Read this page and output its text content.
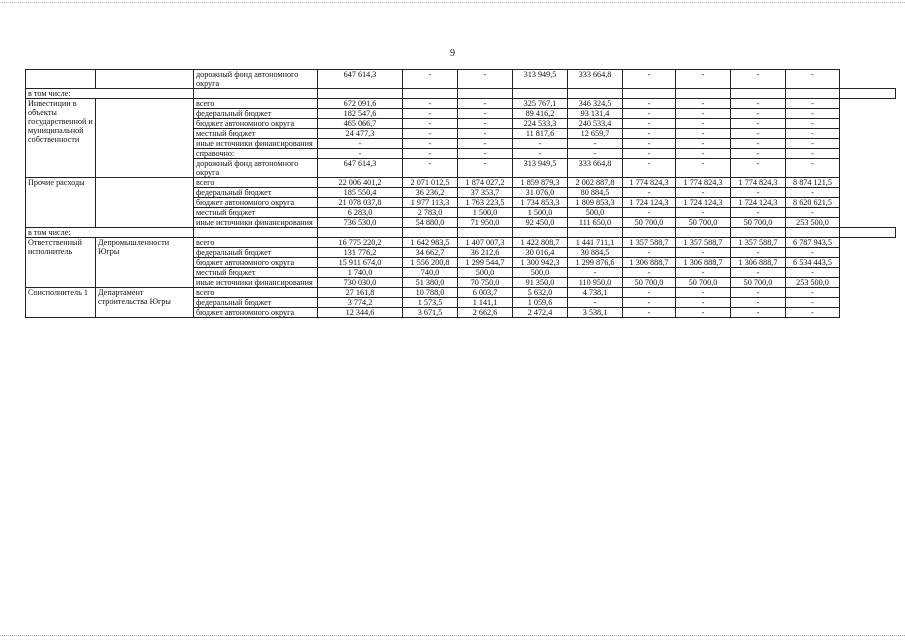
9
		дорожный фонд автономного округа	647 614,3	-	-	313 949,5	333 664,8	-	-	-	-	
в том числе:												
Инвестиции в объекты государственной и муниципальной собственности		всего	672 091,6	-	-	325 767,1	346 324,5	-	-	-	-	
		федеральный бюджет	182 547,6	-	-	89 416,2	93 131,4	-	-	-	-	
		бюджет автономного округа	465 066,7	-	-	224 533,3	240 533,4	-	-	-	-	
		местный бюджет	24 477,3	-	-	11 817,6	12 659,7	-	-	-	-	
		иные источники финансирования	-	-	-	-	-	-	-	-	-	
		справочно:	-	-	-	-	-	-	-	-	-	
		дорожный фонд автономного округа	647 614,3	-	-	313 949,5	333 664,8	-	-	-	-	
Прочие расходы		всего	22 006 401,2	2 071 012,5	1 874 027,2	1 859 879,3	2 002 887,8	1 774 824,3	1 774 824,3	1 774 824,3	8 874 121,5	
		федеральный бюджет	185 550,4	36 236,2	37 353,7	31 076,0	80 884,5	-	-	-	-	
		бюджет автономного округа	21 078 037,8	1 977 113,3	1 763 223,5	1 734 853,3	1 809 853,3	1 724 124,3	1 724 124,3	1 724 124,3	8 620 621,5	
		местный бюджет	6 283,0	2 783,0	1 500,0	1 500,0	500,0	-	-	-	-	
		иные источники финансирования	736 530,0	54 880,0	71 950,0	92 450,0	111 650,0	50 700,0	50 700,0	50 700,0	253 500,0	
в том числе:												
Ответственный исполнитель	Депромышленности Югры	всего	16 775 220,2	1 642 983,5	1 407 007,3	1 422 808,7	1 441 711,1	1 357 588,7	1 357 588,7	1 357 588,7	6 787 943,5	
		федеральный бюджет	131 776,2	34 662,7	36 212,6	30 016,4	30 884,5	-	-	-	-	
		бюджет автономного округа	15 911 674,0	1 556 200,8	1 299 544,7	1 300 942,3	1 299 876,6	1 306 888,7	1 306 888,7	1 306 888,7	6 534 443,5	
		местный бюджет	1 740,0	740,0	500,0	500,0	-	-	-	-	-	
		иные источники финансирования	730 030,0	51 380,0	70 750,0	91 350,0	110 950,0	50 700,0	50 700,0	50 700,0	253 500,0	
Соисполнитель 1	Департамент строительства Югры	всего	27 161,8	10 788,0	6 003,7	5 632,0	4 738,1	-	-	-	-	
		федеральный бюджет	3 774,2	1 573,5	1 141,1	1 059,6	-	-	-	-	-	
		бюджет автономного округа	12 344,6	3 671,5	2 662,6	2 472,4	3 538,1	-	-	-	-	
